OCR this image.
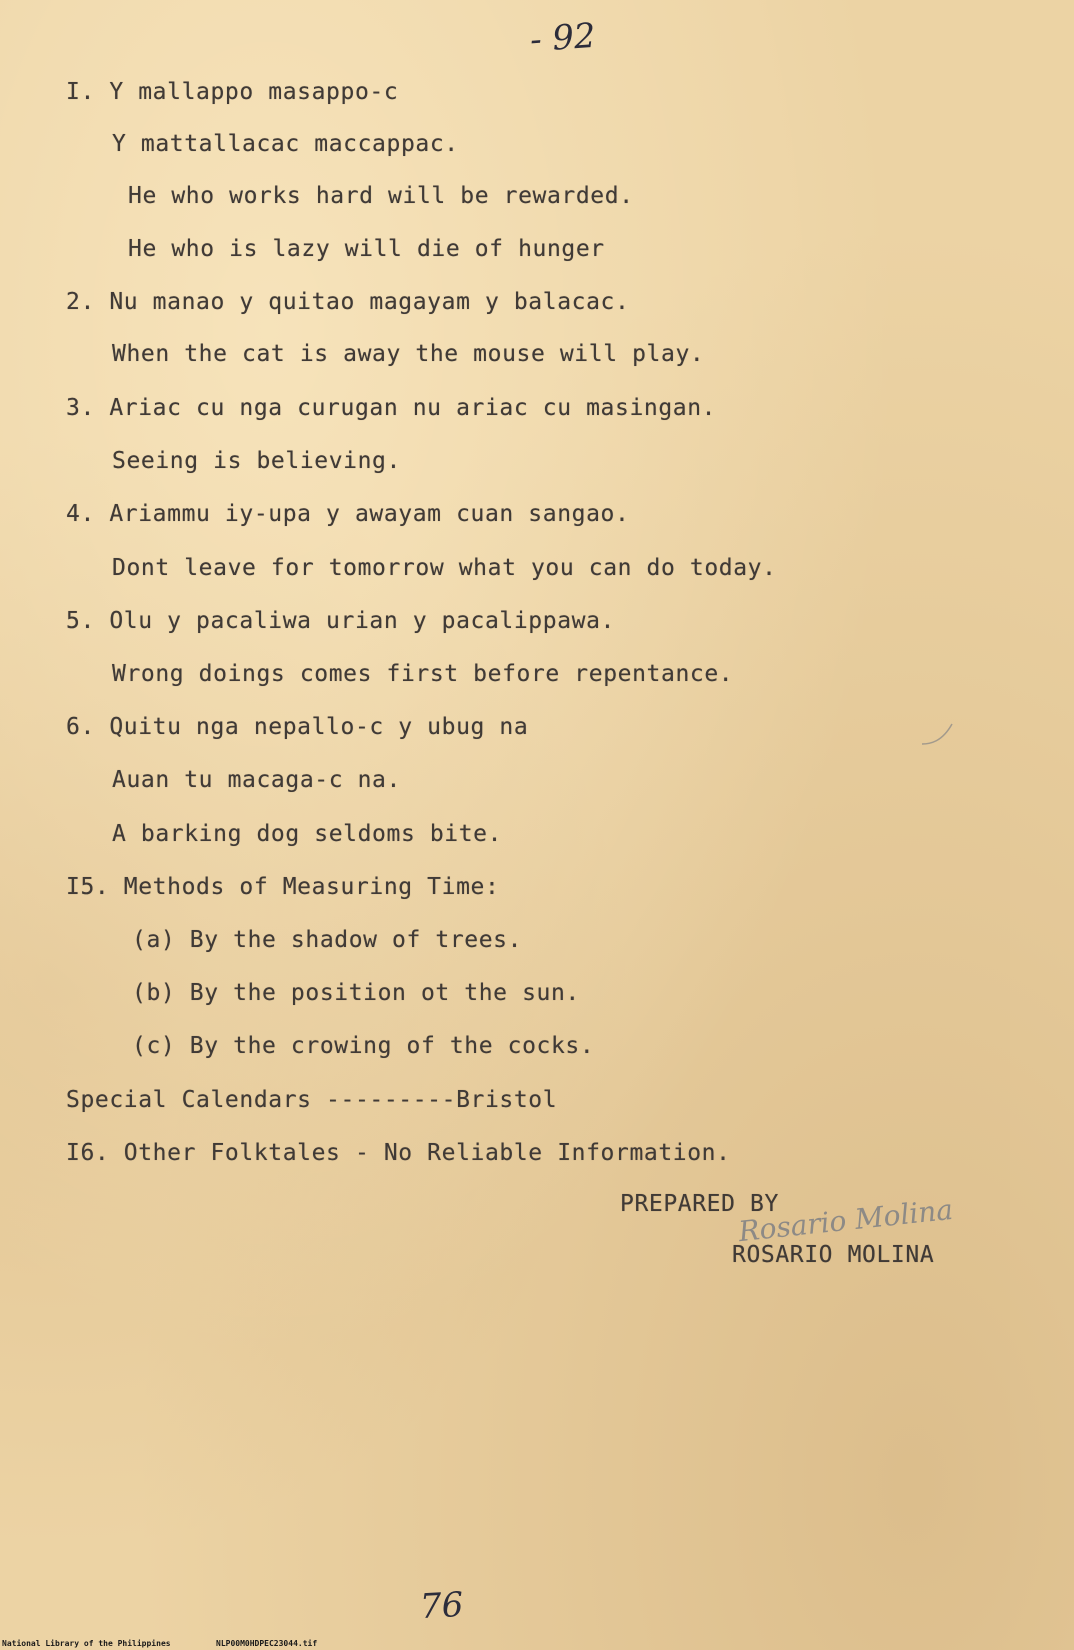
- 92
I. Y mallappo masappo-c
Y mattallacac maccappac.
He who works hard will be rewarded.
He who is lazy will die of hunger
2. Nu manao y quitao magayam y balacac.
When the cat is away the mouse will play.
3. Ariac cu nga curugan nu ariac cu masingan.
Seeing is believing.
4. Ariammu iy-upa y awayam cuan sangao.
Dont leave for tomorrow what you can do today.
5. Olu y pacaliwa urian y pacalippawa.
Wrong doings comes first before repentance.
6. Quitu nga nepallo-c y ubug na
Auan tu macaga-c na.
A barking dog seldoms bite.
I5. Methods of Measuring Time:
(a) By the shadow of trees.
(b) By the position ot the sun.
(c) By the crowing of the cocks.
Special Calendars ---------Bristol
I6. Other Folktales - No Reliable Information.
PREPARED BY
Rosario Molina
ROSARIO MOLINA
76
National Library of the Philippines	NLP00M0HDPEC23044.tif
